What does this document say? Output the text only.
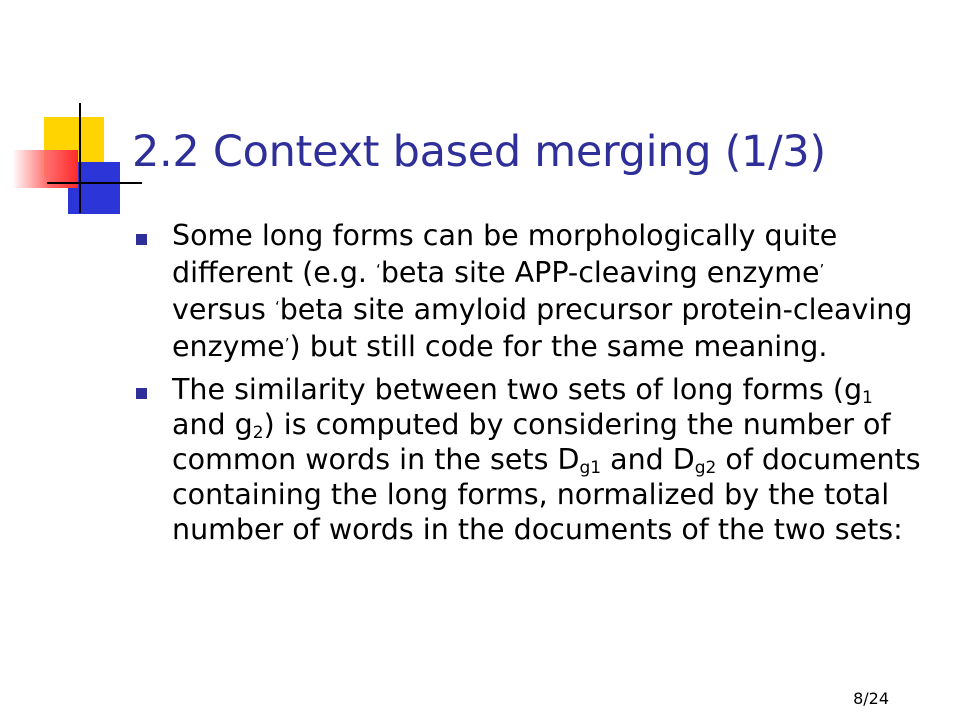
2.2 Context based merging (1/3)
Some long forms can be morphologically quite different (e.g. ‘beta site APP-cleaving enzyme’ versus ‘beta site amyloid precursor protein-cleaving enzyme’) but still code for the same meaning.
The similarity between two sets of long forms ($g_1$ and $g_2$) is computed by considering the number of common words in the sets $D_{g1}$ and $D_{g2}$ of documents containing the long forms, normalized by the total number of words in the documents of the two sets:
8/24
